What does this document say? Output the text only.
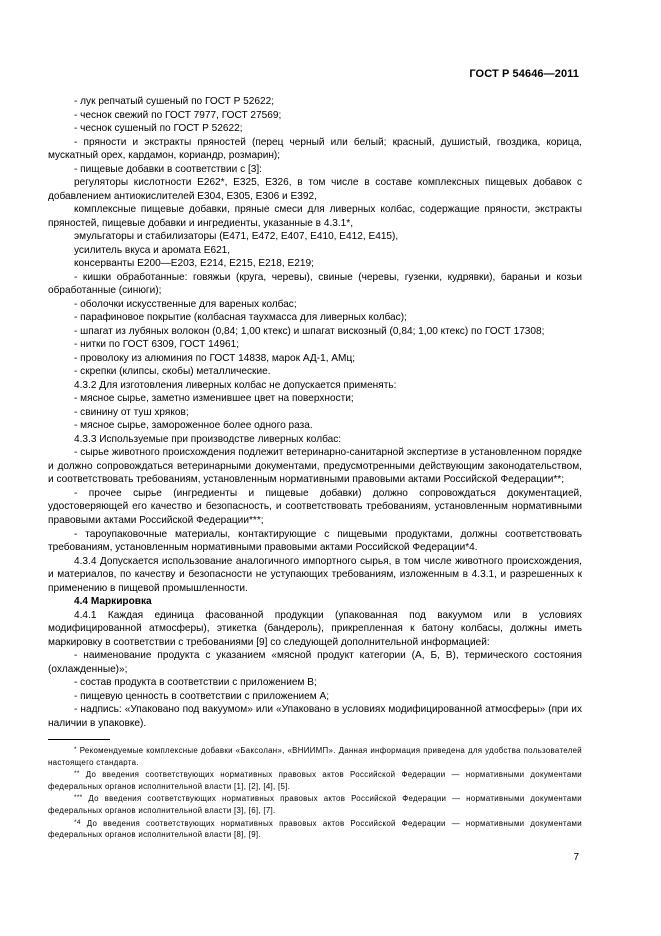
ГОСТ Р 54646—2011

- лук репчатый сушеный по ГОСТ Р 52622;

- чеснок свежий по ГОСТ 7977, ГОСТ 27569;

- чеснок сушеный по ГОСТ Р 52622;

- пряности и экстракты пряностей (перец черный или белый; красный, душистый, гвоздика, корица, мускатный орех, кардамон, кориандр, розмарин);

- пищевые добавки в соответствии с [3]:

регуляторы кислотности Е262*, Е325, Е326, в том числе в составе комплексных пищевых добавок с добавлением антиокислителей Е304, Е305, Е306 и Е392,

комплексные пищевые добавки, пряные смеси для ливерных колбас, содержащие пряности, экстракты пряностей, пищевые добавки и ингредиенты, указанные в 4.3.1*,

эмульгаторы и стабилизаторы (Е471, Е472, Е407, Е410, Е412, Е415),

усилитель вкуса и аромата Е621,

консерванты Е200—Е203, Е214, Е215, Е218, Е219;

- кишки обработанные: говяжьи (круга, черевы), свиные (черевы, гузенки, кудрявки), бараньи и козьи обработанные (синюги);

- оболочки искусственные для вареных колбас;

- парафиновое покрытие (колбасная таухмасса для ливерных колбас);

- шпагат из лубяных волокон (0,84; 1,00 ктекс) и шпагат вискозный (0,84; 1,00 ктекс) по ГОСТ 17308;

- нитки по ГОСТ 6309, ГОСТ 14961;

- проволоку из алюминия по ГОСТ 14838, марок АД-1, АМц;

- скрепки (клипсы, скобы) металлические.

4.3.2 Для изготовления ливерных колбас не допускается применять:

- мясное сырье, заметно изменившее цвет на поверхности;

- свинину от туш хряков;

- мясное сырье, замороженное более одного раза.

4.3.3 Используемые при производстве ливерных колбас:

- сырье животного происхождения подлежит ветеринарно-санитарной экспертизе в установленном порядке и должно сопровождаться ветеринарными документами, предусмотренными действующим законодательством, и соответствовать требованиям, установленным нормативными правовыми актами Российской Федерации**;

- прочее сырье (ингредиенты и пищевые добавки) должно сопровождаться документацией, удостоверяющей его качество и безопасность, и соответствовать требованиям, установленным нормативными правовыми актами Российской Федерации***;

- тароупаковочные материалы, контактирующие с пищевыми продуктами, должны соответствовать требованиям, установленным нормативными правовыми актами Российской Федерации*4.

4.3.4 Допускается использование аналогичного импортного сырья, в том числе животного происхождения, и материалов, по качеству и безопасности не уступающих требованиям, изложенным в 4.3.1, и разрешенных к применению в пищевой промышленности.

4.4 Маркировка

4.4.1 Каждая единица фасованной продукции (упакованная под вакуумом или в условиях модифицированной атмосферы), этикетка (бандероль), прикрепленная к батону колбасы, должны иметь маркировку в соответствии с требованиями [9] со следующей дополнительной информацией:

- наименование продукта с указанием «мясной продукт категории (А, Б, В), термического состояния (охлажденные)»;

- состав продукта в соответствии с приложением В;

- пищевую ценность в соответствии с приложением А;

- надпись: «Упаковано под вакуумом» или «Упаковано в условиях модифицированной атмосферы» (при их наличии в упаковке).

* Рекомендуемые комплексные добавки «Баксолан», «ВНИИМП». Данная информация приведена для удобства пользователей настоящего стандарта.

** До введения соответствующих нормативных правовых актов Российской Федерации — нормативными документами федеральных органов исполнительной власти [1], [2], [4], [5].

*** До введения соответствующих нормативных правовых актов Российской Федерации — нормативными документами федеральных органов исполнительной власти [3], [6], [7].

$^{*4}$ До введения соответствующих нормативных правовых актов Российской Федерации — нормативными документами федеральных органов исполнительной власти [8], [9].

7
